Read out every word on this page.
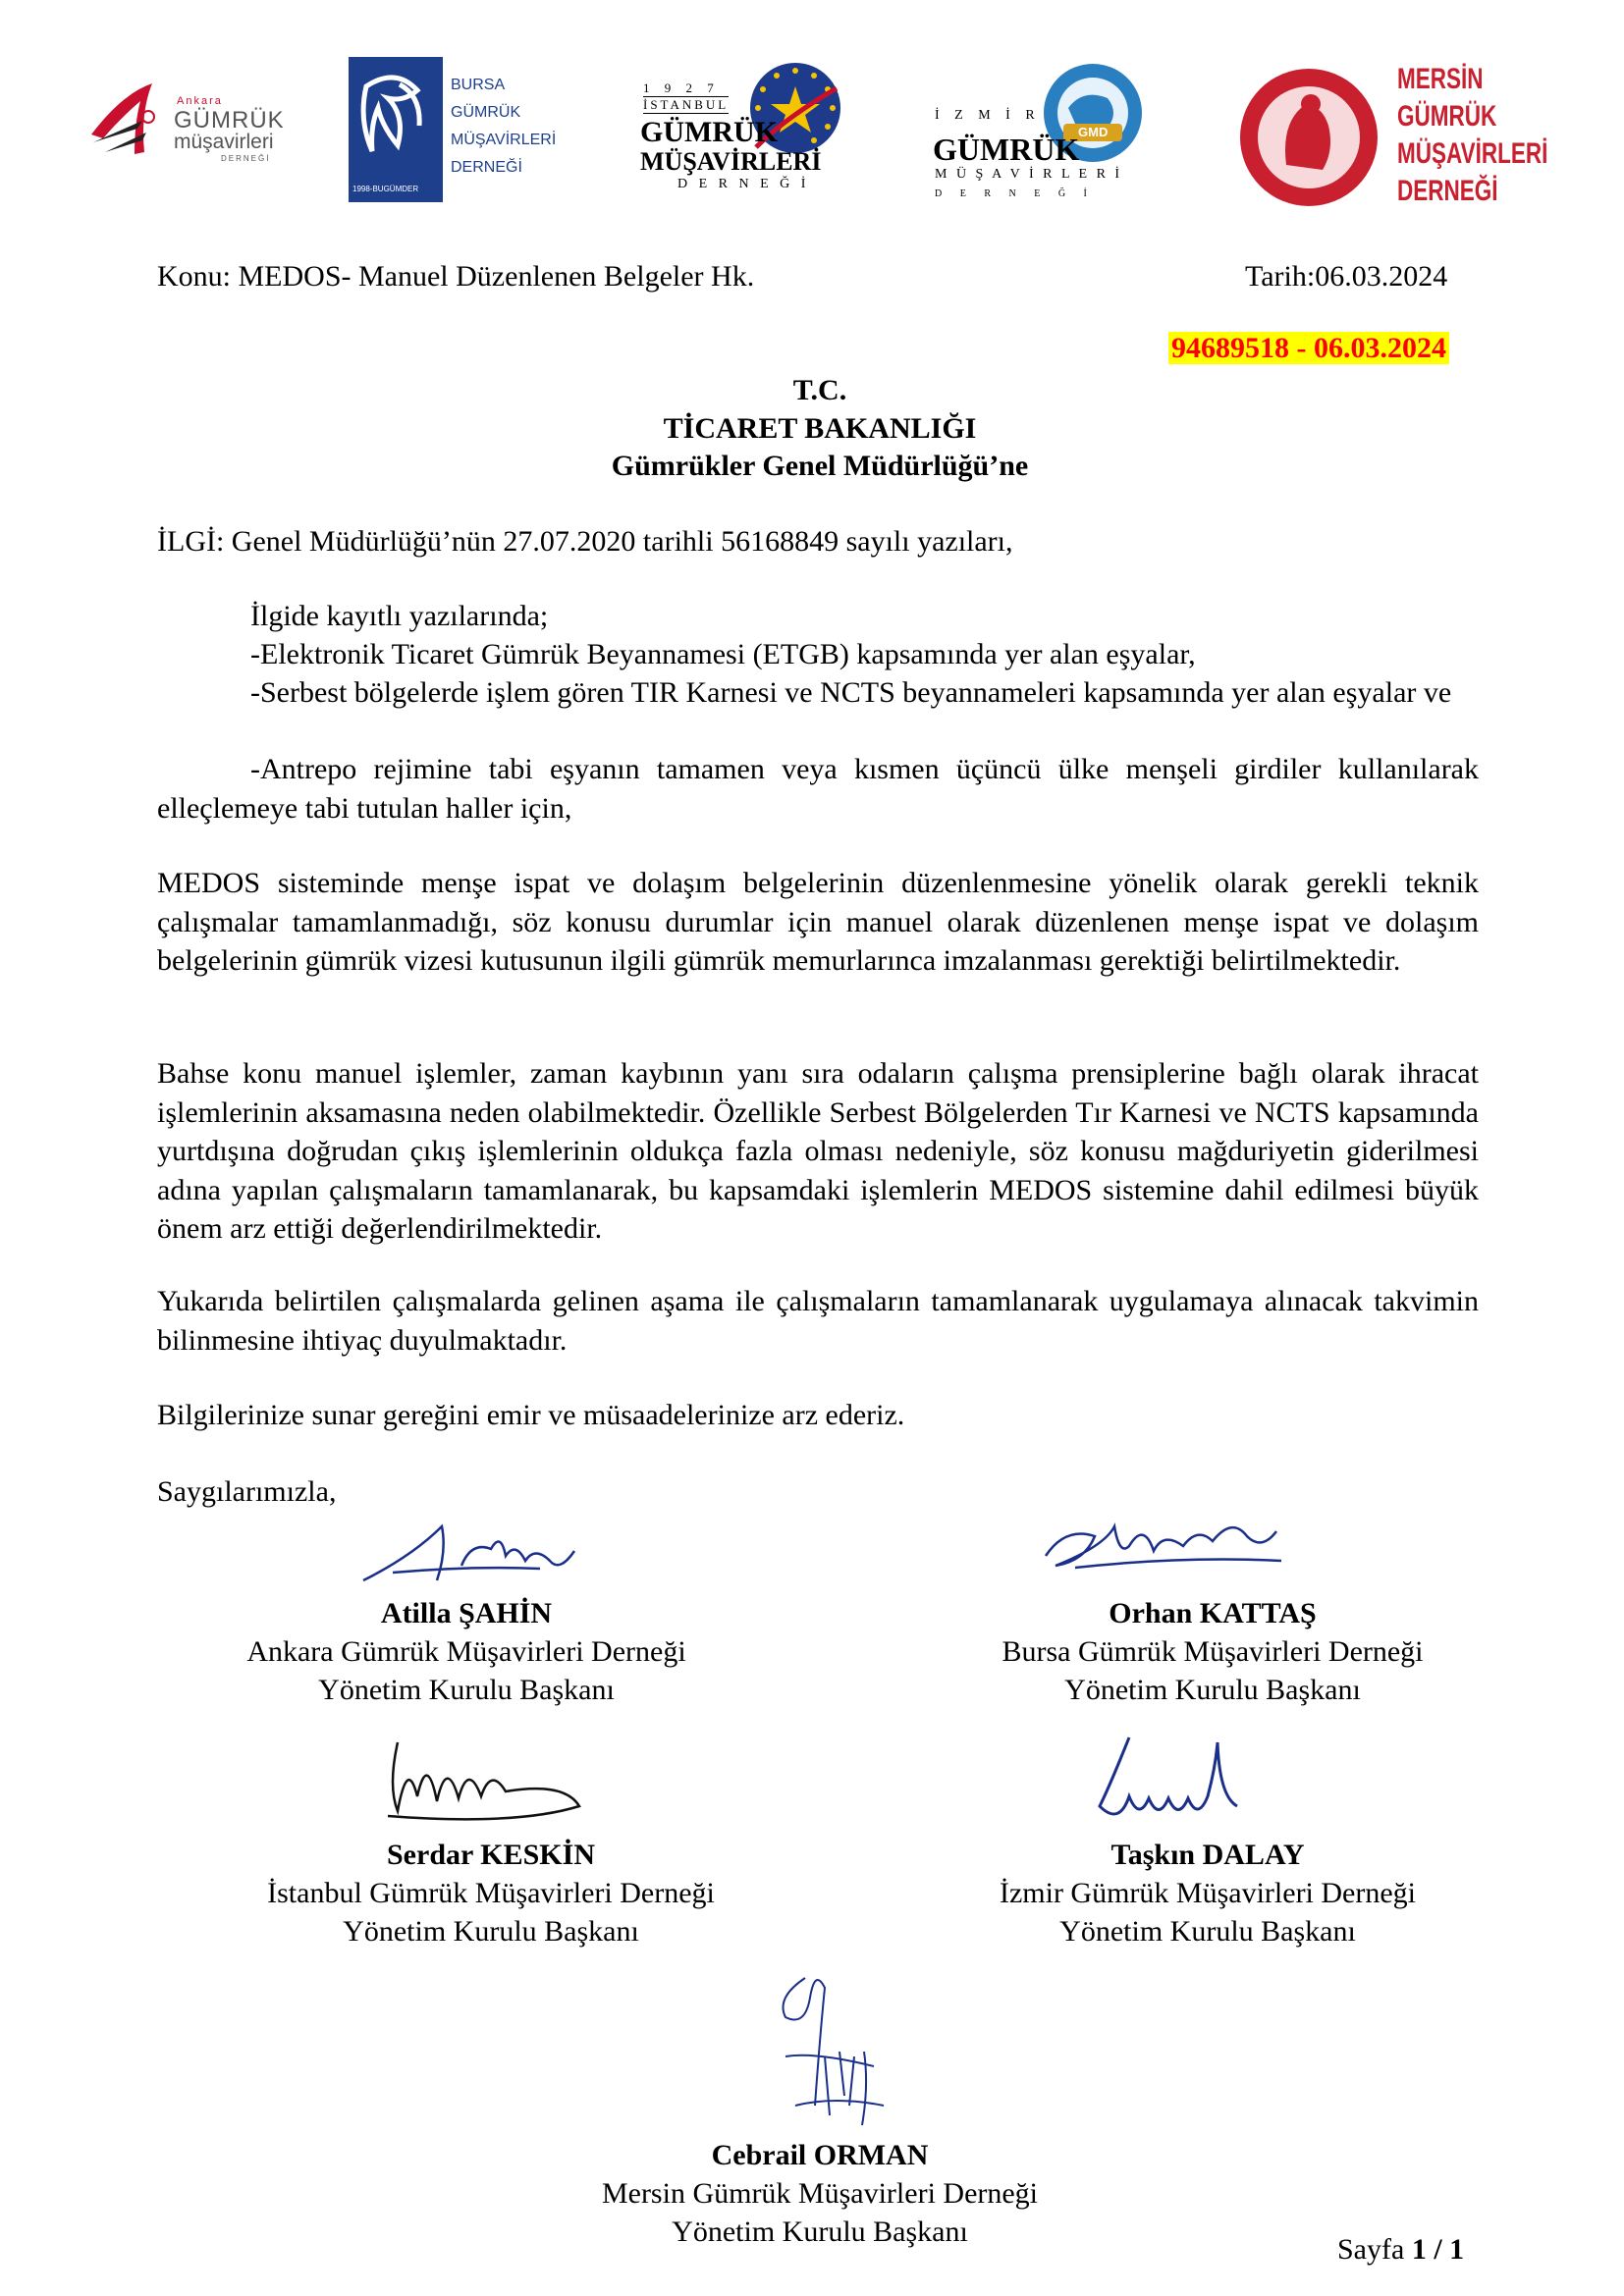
Ankara
GÜMRÜK
müşavirleri
DERNEĞİ
1998-BUGÜMDER
BURSA
GÜMRÜK
MÜŞAVİRLERİ
DERNEĞİ
1 9 2 7
İSTANBUL
GÜMRÜK
MÜŞAVİRLERİ
D E R N E Ğ İ
GMD
İ Z M İ R
GÜMRÜK
M Ü Ş A V İ R L E R İ
D E R N E Ğ İ
MERSİN
GÜMRÜK
MÜŞAVİRLERİ
DERNEĞİ
Konu: MEDOS- Manuel Düzenlenen Belgeler Hk.	Tarih:06.03.2024
94689518 - 06.03.2024
T.C.
TİCARET BAKANLIĞI
Gümrükler Genel Müdürlüğü’ne
İLGİ: Genel Müdürlüğü’nün 27.07.2020 tarihli 56168849 sayılı yazıları,
İlgide kayıtlı yazılarında;
-Elektronik Ticaret Gümrük Beyannamesi (ETGB) kapsamında yer alan eşyalar,
-Serbest bölgelerde işlem gören TIR Karnesi ve NCTS beyannameleri kapsamında yer alan eşyalar ve
-Antrepo rejimine tabi eşyanın tamamen veya kısmen üçüncü ülke menşeli girdiler kullanılarak elleçlemeye tabi tutulan haller için,
MEDOS sisteminde menşe ispat ve dolaşım belgelerinin düzenlenmesine yönelik olarak gerekli teknik çalışmalar tamamlanmadığı, söz konusu durumlar için manuel olarak düzenlenen menşe ispat ve dolaşım belgelerinin gümrük vizesi kutusunun ilgili gümrük memurlarınca imzalanması gerektiği belirtilmektedir.
Bahse konu manuel işlemler, zaman kaybının yanı sıra odaların çalışma prensiplerine bağlı olarak ihracat işlemlerinin aksamasına neden olabilmektedir. Özellikle Serbest Bölgelerden Tır Karnesi ve NCTS kapsamında yurtdışına doğrudan çıkış işlemlerinin oldukça fazla olması nedeniyle, söz konusu mağduriyetin giderilmesi adına yapılan çalışmaların tamamlanarak, bu kapsamdaki işlemlerin MEDOS sistemine dahil edilmesi büyük önem arz ettiği değerlendirilmektedir.
Yukarıda belirtilen çalışmalarda gelinen aşama ile çalışmaların tamamlanarak uygulamaya alınacak takvimin bilinmesine ihtiyaç duyulmaktadır.
Bilgilerinize sunar gereğini emir ve müsaadelerinize arz ederiz.
Saygılarımızla,
Atilla ŞAHİN
Ankara Gümrük Müşavirleri Derneği
Yönetim Kurulu Başkanı
Orhan KATTAŞ
Bursa Gümrük Müşavirleri Derneği
Yönetim Kurulu Başkanı
Serdar KESKİN
İstanbul Gümrük Müşavirleri Derneği
Yönetim Kurulu Başkanı
Taşkın DALAY
İzmir Gümrük Müşavirleri Derneği
Yönetim Kurulu Başkanı
Cebrail ORMAN
Mersin Gümrük Müşavirleri Derneği
Yönetim Kurulu Başkanı
Sayfa 1 / 1
